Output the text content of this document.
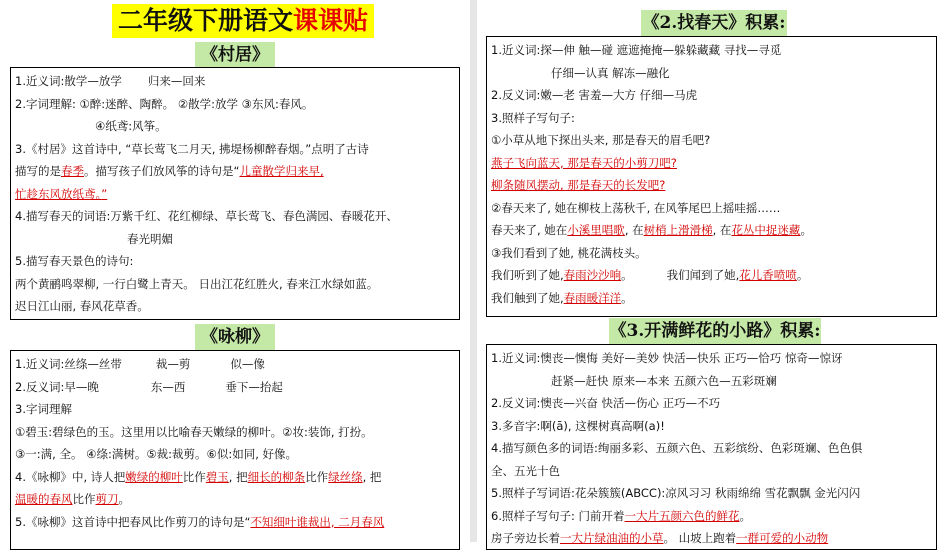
二年级下册语文课课贴
《村居》
1.近义词:散学—放学 归来—回来
2.字词理解: ①醉:迷醉、陶醉。 ②散学:放学 ③东风:春风。
④纸鸢:风筝。
3.《村居》这首诗中, “草长莺飞二月天, 拂堤杨柳醉春烟。”点明了古诗
描写的是春季。描写孩子们放风筝的诗句是“儿童散学归来早,
忙趁东风放纸鸢。”
4.描写春天的词语:万紫千红、花红柳绿、草长莺飞、春色满园、春暖花开、
春光明媚
5.描写春天景色的诗句:
两个黄鹂鸣翠柳, 一行白鹭上青天。 日出江花红胜火, 春来江水绿如蓝。
迟日江山丽, 春风花草香。
《咏柳》
1.近义词:丝绦—丝带	裁—剪	似—像
2.反义词:早—晚	东—西	垂下—抬起
3.字词理解
①碧玉:碧绿色的玉。这里用以比喻春天嫩绿的柳叶。②妆:装饰, 打扮。
③一:满, 全。 ④绦:满树。⑤裁:裁剪。⑥似:如同, 好像。
4.《咏柳》中, 诗人把嫩绿的柳叶比作碧玉, 把细长的柳条比作绿丝绦, 把
温暖的春风比作剪刀。
5.《咏柳》这首诗中把春风比作剪刀的诗句是“不知细叶谁裁出, 二月春风
《2.找春天》积累:
1.近义词:探—伸 触—碰 遮遮掩掩—躲躲藏藏 寻找—寻觅
仔细—认真 解冻—融化
2.反义词:嫩—老 害羞—大方 仔细—马虎
3.照样子写句子:
①小草从地下探出头来, 那是春天的眉毛吧?
燕子飞向蓝天, 那是春天的小剪刀吧?
柳条随风摆动, 那是春天的长发吧?
②春天来了, 她在柳枝上荡秋千, 在风筝尾巴上摇哇摇……
春天来了, 她在小溪里唱歌, 在树梢上滑滑梯, 在花丛中捉迷藏。
③我们看到了她, 桃花满枝头。
我们听到了她,春雨沙沙响。	我们闻到了她,花儿香喷喷。
我们触到了她,春雨暖洋洋。
《3.开满鲜花的小路》积累:
1.近义词:懊丧—懊悔 美好—美妙 快活—快乐 正巧—恰巧 惊奇—惊讶
赶紧—赶快 原来—本来 五颜六色—五彩斑斓
2.反义词:懊丧—兴奋 快活—伤心 正巧—不巧
3.多音字:啊(ā), 这棵树真高啊(a)!
4.描写颜色多的词语:绚丽多彩、五颜六色、五彩缤纷、色彩斑斓、色色俱
全、五光十色
5.照样子写词语:花朵簇簇(ABCC):凉风习习 秋雨绵绵 雪花飘飘 金光闪闪
6.照样子写句子: 门前开着一大片五颜六色的鲜花。
房子旁边长着一大片绿油油的小草。 山坡上跑着一群可爱的小动物
